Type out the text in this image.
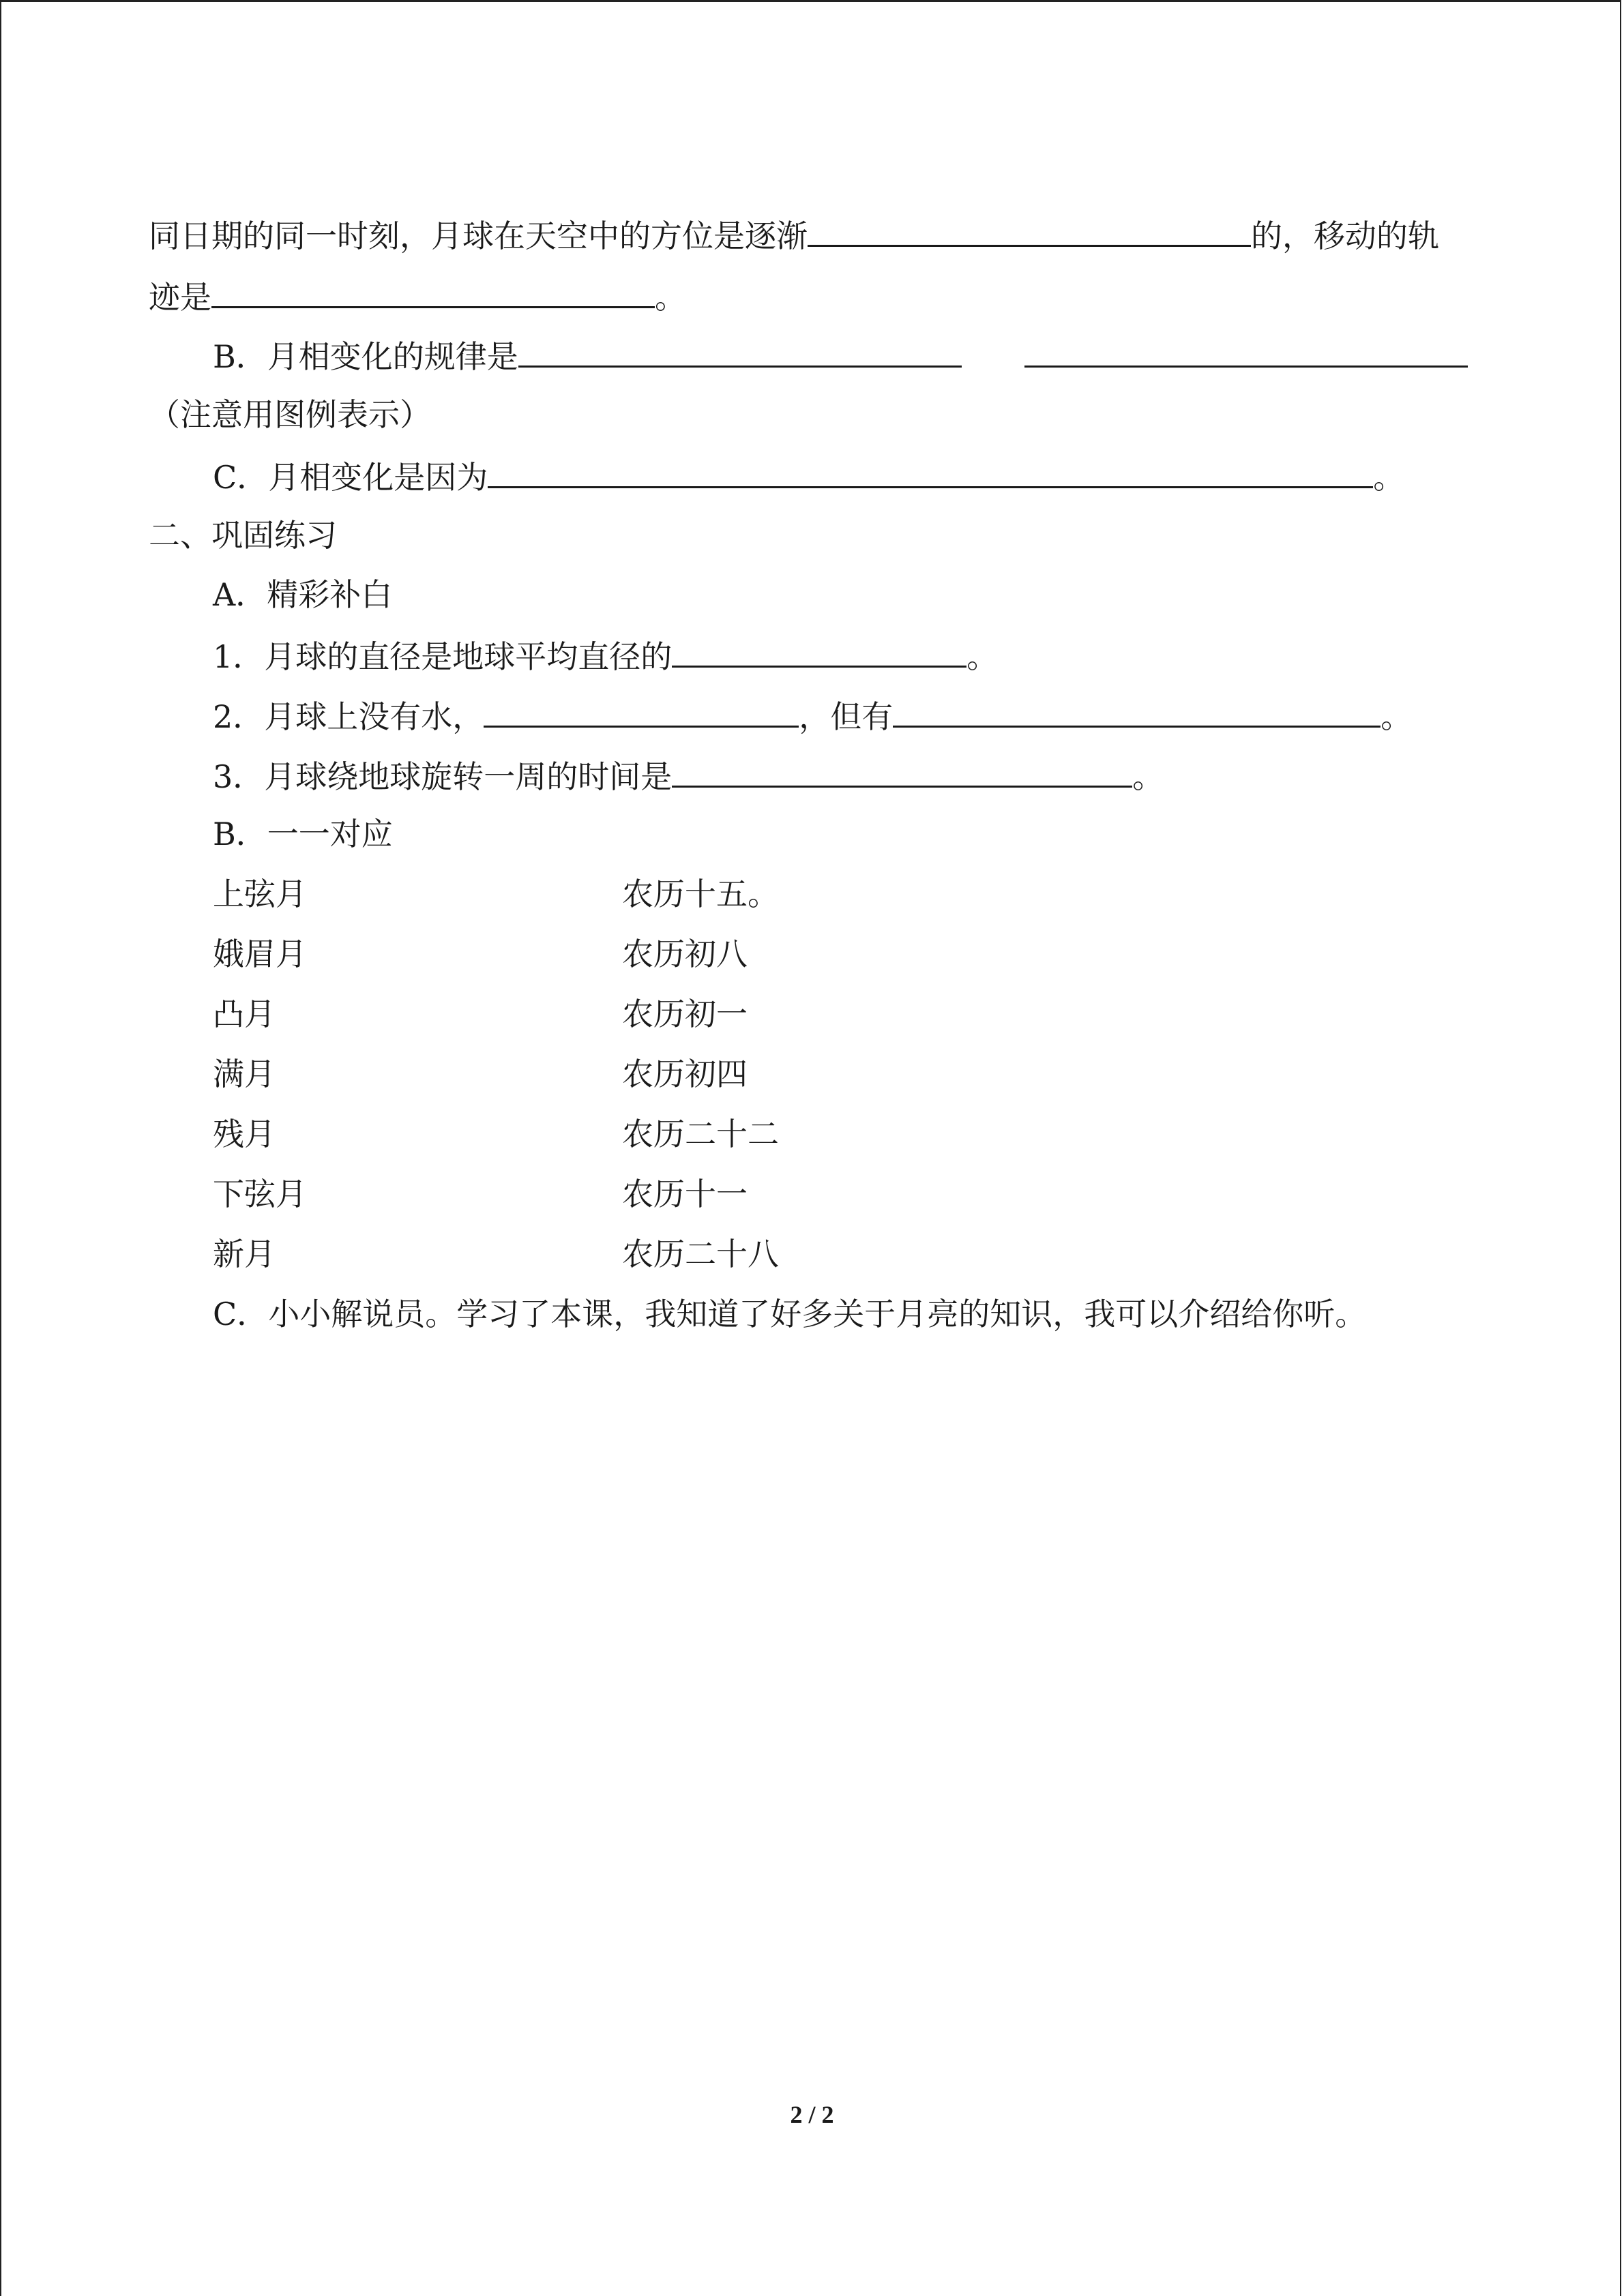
同日期的同一时刻，月球在天空中的方位是逐渐	的，移动的轨
迹是	。
B．月相变化的规律是
（注意用图例表示）
C．月相变化是因为	。
二、巩固练习
A．精彩补白
1．月球的直径是地球平均直径的	。
2．月球上没有水，	，但有	。
3．月球绕地球旋转一周的时间是	。
B．一一对应
上弦月	农历十五。
娥眉月	农历初八
凸月	农历初一
满月	农历初四
残月	农历二十二
下弦月	农历十一
新月	农历二十八
C．小小解说员。学习了本课，我知道了好多关于月亮的知识，我可以介绍给你听。
2 / 2
